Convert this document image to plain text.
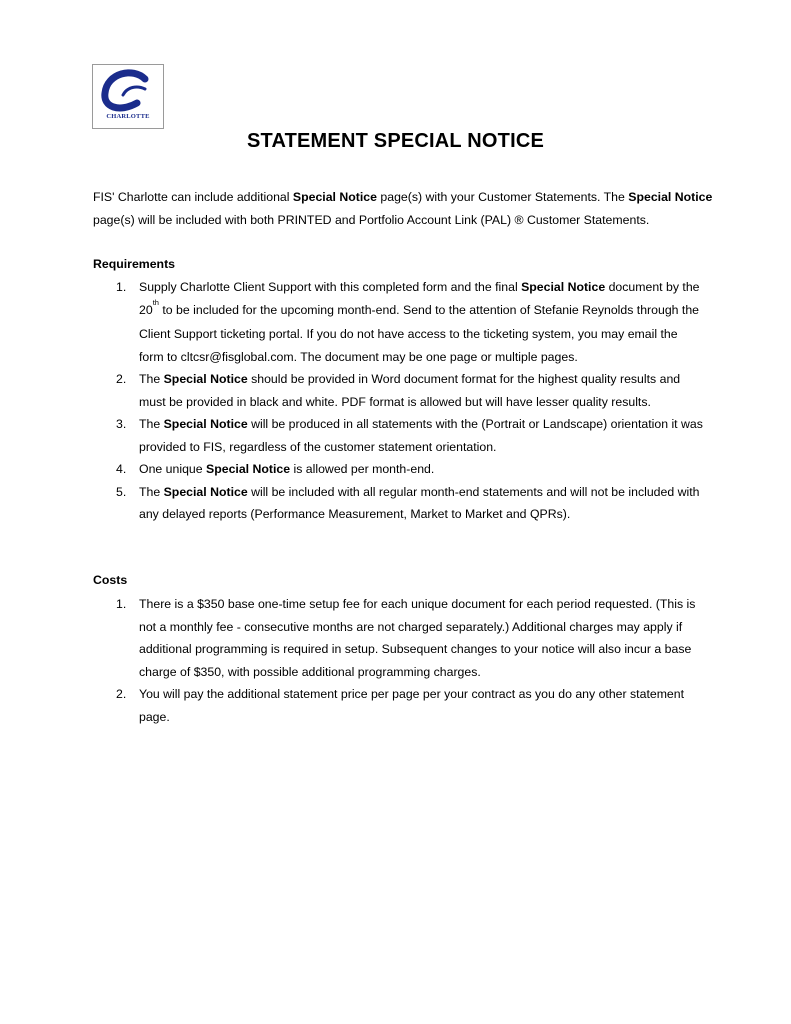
CHARLOTTE
STATEMENT SPECIAL NOTICE
FIS' Charlotte can include additional Special Notice page(s) with your Customer Statements. The Special Notice page(s) will be included with both PRINTED and Portfolio Account Link (PAL) ® Customer Statements.
Requirements
1. Supply Charlotte Client Support with this completed form and the final Special Notice document by the 20th to be included for the upcoming month-end. Send to the attention of Stefanie Reynolds through the Client Support ticketing portal. If you do not have access to the ticketing system, you may email the form to cltcsr@fisglobal.com. The document may be one page or multiple pages.
2. The Special Notice should be provided in Word document format for the highest quality results and must be provided in black and white. PDF format is allowed but will have lesser quality results.
3. The Special Notice will be produced in all statements with the (Portrait or Landscape) orientation it was provided to FIS, regardless of the customer statement orientation.
4. One unique Special Notice is allowed per month-end.
5. The Special Notice will be included with all regular month-end statements and will not be included with any delayed reports (Performance Measurement, Market to Market and QPRs).
Costs
1. There is a $350 base one-time setup fee for each unique document for each period requested. (This is not a monthly fee - consecutive months are not charged separately.) Additional charges may apply if additional programming is required in setup. Subsequent changes to your notice will also incur a base charge of $350, with possible additional programming charges.
2. You will pay the additional statement price per page per your contract as you do any other statement page.
